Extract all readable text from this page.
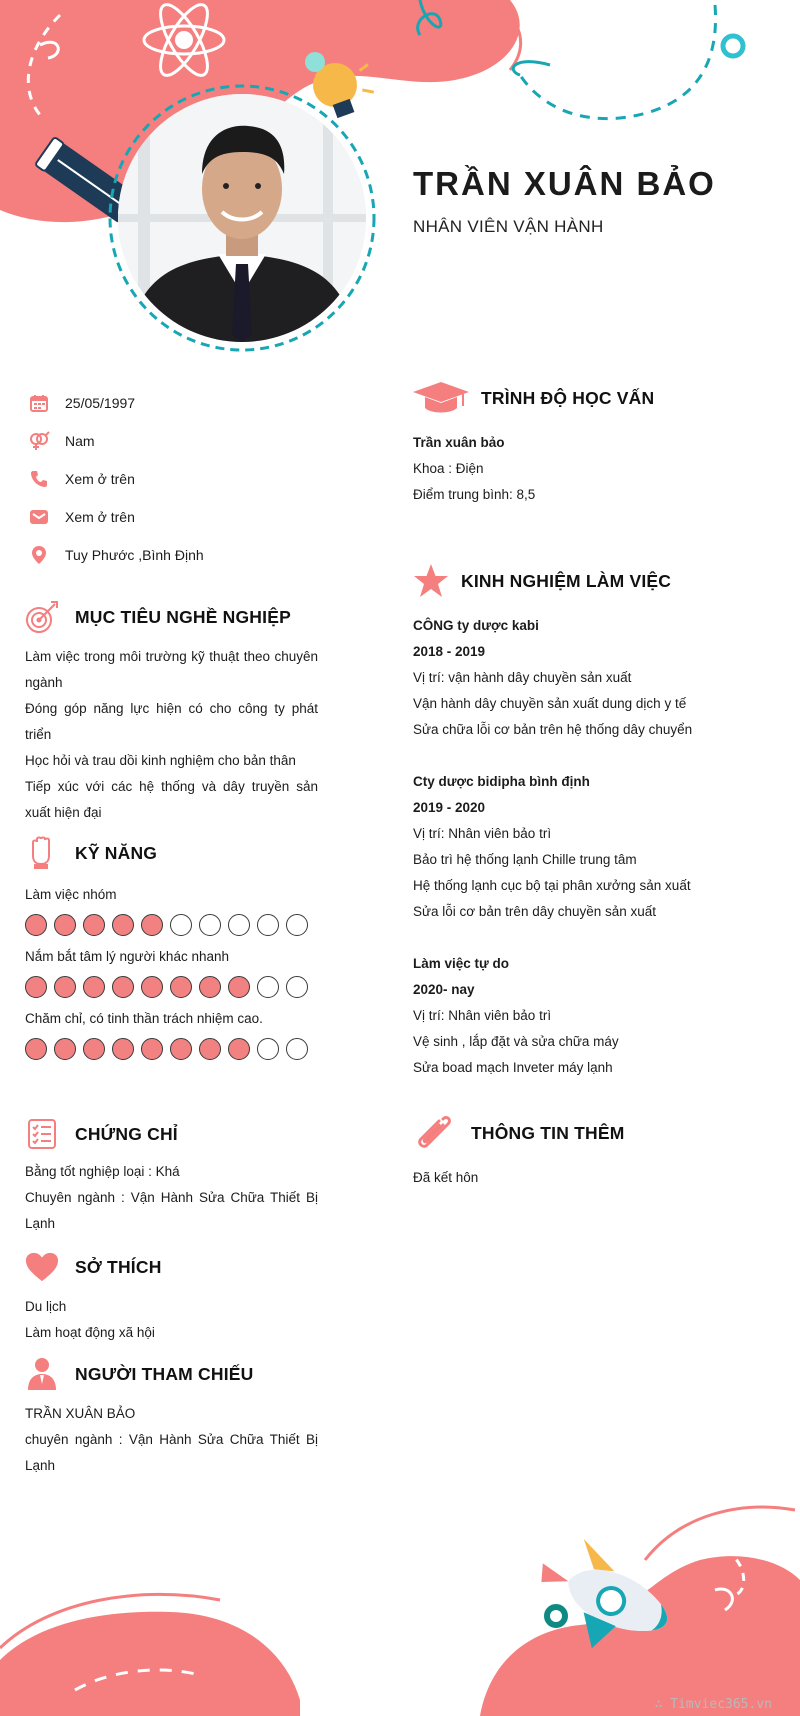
TRẦN XUÂN BẢO
NHÂN VIÊN VẬN HÀNH
25/05/1997
Nam
Xem ở trên
Xem ở trên
Tuy Phước ,Bình Định
MỤC TIÊU NGHỀ NGHIỆP
Làm việc trong môi trường kỹ thuật theo chuyên ngành
Đóng góp năng lực hiện có cho công ty phát triển
Học hỏi và trau dồi kinh nghiệm cho bản thân
Tiếp xúc với các hệ thống và dây truyền sản xuất hiện đại
KỸ NĂNG
Làm việc nhóm
Nắm bắt tâm lý người khác nhanh
Chăm chỉ, có tinh thần trách nhiệm cao.
CHỨNG CHỈ
Bằng tốt nghiệp loại : Khá
Chuyên ngành : Vận Hành Sửa Chữa Thiết Bị Lạnh
SỞ THÍCH
Du lịch
Làm hoạt động xã hội
NGƯỜI THAM CHIẾU
TRẦN XUÂN BẢO
chuyên ngành : Vận Hành Sửa Chữa Thiết Bị Lạnh
TRÌNH ĐỘ HỌC VẤN
Trần xuân bảo
Khoa : Điện
Điểm trung bình: 8,5
KINH NGHIỆM LÀM VIỆC
CÔNG ty dược kabi
2018 - 2019
Vị trí: vận hành dây chuyền sản xuất
Vận hành dây chuyền sản xuất dung dịch y tế
Sửa chữa lỗi cơ bản trên hệ thống dây chuyển
Cty dược bidipha bình định
2019 - 2020
Vị trí: Nhân viên bảo trì
Bảo trì hệ thống lạnh Chille trung tâm
Hệ thống lạnh cục bộ tại phân xưởng sản xuất
Sửa lỗi cơ bản trên dây chuyền sản xuất
Làm việc tự do
2020- nay
Vị trí: Nhân viên bảo trì
Vệ sinh , lắp đặt và sửa chữa máy
Sửa boad mạch Inveter máy lạnh
THÔNG TIN THÊM
Đã kết hôn
∴ Timviec365.vn
